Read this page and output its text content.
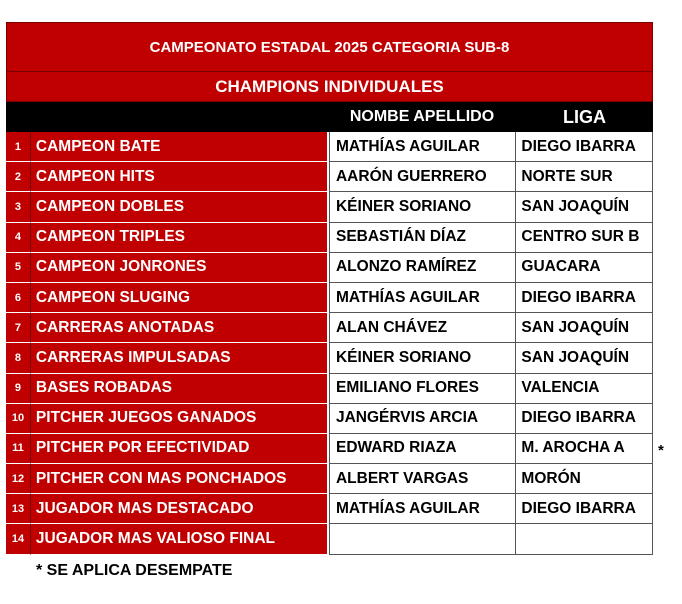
CAMPEONATO ESTADAL 2025 CATEGORIA SUB-8
CHAMPIONS INDIVIDUALES
NOMBE APELLIDO	LIGA
1 CAMPEON BATE	MATHÍAS AGUILAR	DIEGO IBARRA
2 CAMPEON HITS	AARÓN GUERRERO	NORTE SUR
3 CAMPEON DOBLES	KÉINER SORIANO	SAN JOAQUÍN
4 CAMPEON TRIPLES	SEBASTIÁN DÍAZ	CENTRO SUR B
5 CAMPEON JONRONES	ALONZO RAMÍREZ	GUACARA
6 CAMPEON SLUGING	MATHÍAS AGUILAR	DIEGO IBARRA
7 CARRERAS ANOTADAS	ALAN CHÁVEZ	SAN JOAQUÍN
8 CARRERAS IMPULSADAS	KÉINER SORIANO	SAN JOAQUÍN
9 BASES ROBADAS	EMILIANO FLORES	VALENCIA
10 PITCHER JUEGOS GANADOS	JANGÉRVIS ARCIA	DIEGO IBARRA
11 PITCHER POR EFECTIVIDAD	EDWARD RIAZA	M. AROCHA A
12 PITCHER CON MAS PONCHADOS	ALBERT VARGAS	MORÓN
13 JUGADOR MAS DESTACADO	MATHÍAS AGUILAR	DIEGO IBARRA
14 JUGADOR MAS VALIOSO FINAL
*
* SE APLICA DESEMPATE
